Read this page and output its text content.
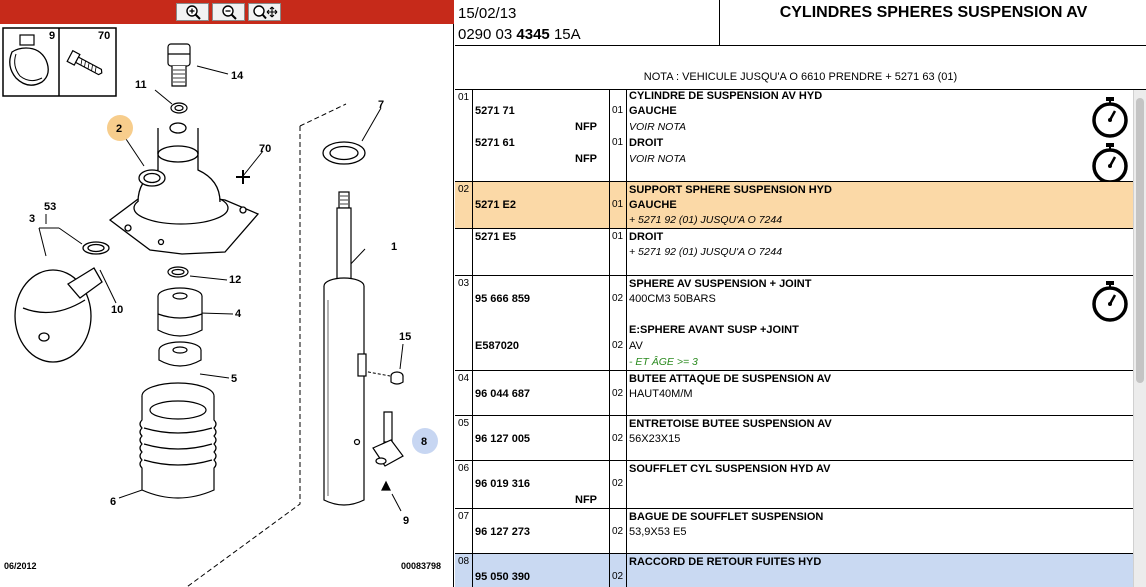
9	70
14
11
2
7
70
1
53
3
12
10	4
5
15
8
6
9
06/2012	00083798
15/02/13
0290 03 4345 15A
CYLINDRES SPHERES SUSPENSION AV
NOTA : VEHICULE JUSQU'A O 6610 PRENDRE + 5271 63 (01)
01	CYLINDRE DE SUSPENSION AV HYD
5271 71	01 GAUCHE
NFP	VOIR NOTA
5271 61	01 DROIT
NFP	VOIR NOTA
02	SUPPORT SPHERE SUSPENSION HYD
5271 E2	01 GAUCHE
+ 5271 92 (01) JUSQU'A O 7244
5271 E5	01 DROIT
+ 5271 92 (01) JUSQU'A O 7244
03	SPHERE AV SUSPENSION + JOINT
95 666 859	02 400CM3 50BARS
E:SPHERE AVANT SUSP +JOINT
E587020	02 AV
- ET ÂGE >= 3
04	BUTEE ATTAQUE DE SUSPENSION AV
96 044 687	02 HAUT40M/M
05	ENTRETOISE BUTEE SUSPENSION AV
96 127 005	02 56X23X15
06	SOUFFLET CYL SUSPENSION HYD AV
96 019 316	02
NFP
07	BAGUE DE SOUFFLET SUSPENSION
96 127 273	02 53,9X53 E5
08	RACCORD DE RETOUR FUITES HYD
95 050 390	02
